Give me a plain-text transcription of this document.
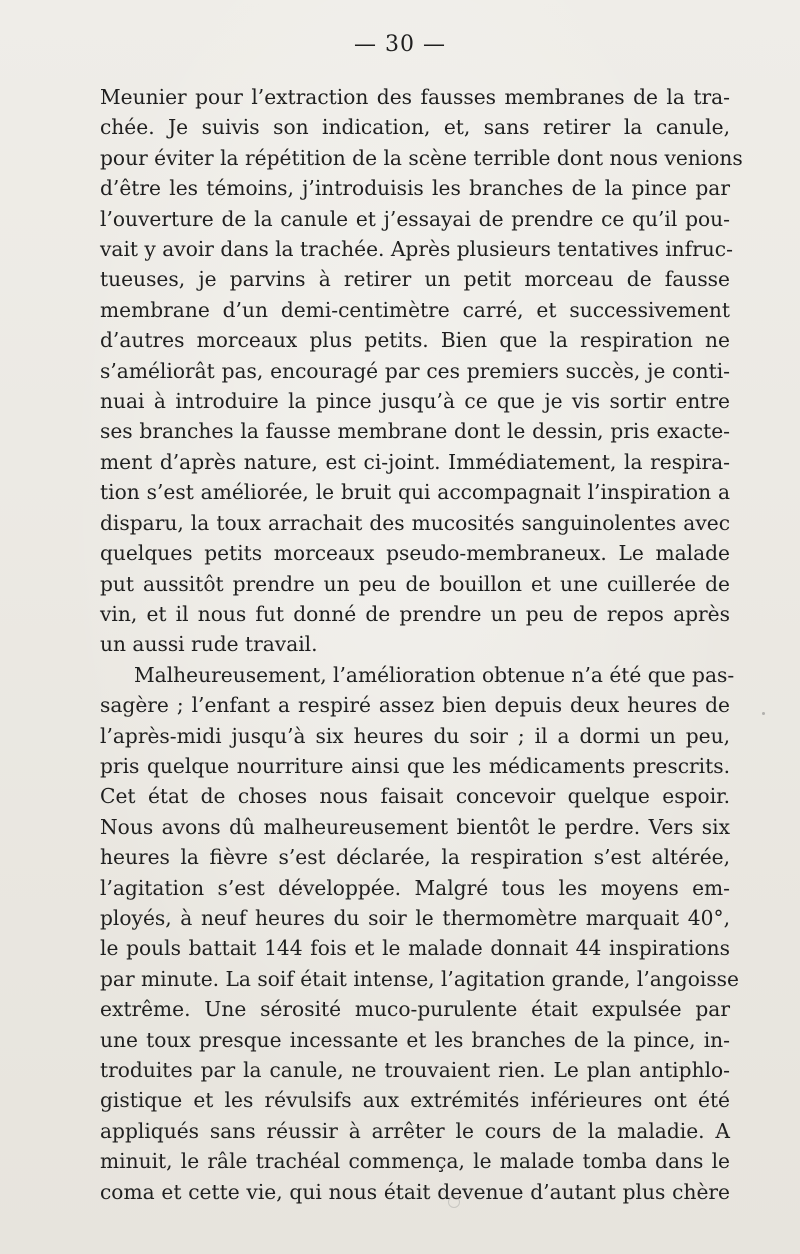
— 30 —
Meunier pour l’extraction des fausses membranes de la tra-
chée. Je suivis son indication, et, sans retirer la canule,
pour éviter la répétition de la scène terrible dont nous venions
d’être les témoins, j’introduisis les branches de la pince par
l’ouverture de la canule et j’essayai de prendre ce qu’il pou-
vait y avoir dans la trachée. Après plusieurs tentatives infruc-
tueuses, je parvins à retirer un petit morceau de fausse
membrane d’un demi-centimètre carré, et successivement
d’autres morceaux plus petits. Bien que la respiration ne
s’améliorât pas, encouragé par ces premiers succès, je conti-
nuai à introduire la pince jusqu’à ce que je vis sortir entre
ses branches la fausse membrane dont le dessin, pris exacte-
ment d’après nature, est ci-joint. Immédiatement, la respira-
tion s’est améliorée, le bruit qui accompagnait l’inspiration a
disparu, la toux arrachait des mucosités sanguinolentes avec
quelques petits morceaux pseudo-membraneux. Le malade
put aussitôt prendre un peu de bouillon et une cuillerée de
vin, et il nous fut donné de prendre un peu de repos après
un aussi rude travail.
Malheureusement, l’amélioration obtenue n’a été que pas-
sagère ; l’enfant a respiré assez bien depuis deux heures de
l’après-midi jusqu’à six heures du soir ; il a dormi un peu,
pris quelque nourriture ainsi que les médicaments prescrits.
Cet état de choses nous faisait concevoir quelque espoir.
Nous avons dû malheureusement bientôt le perdre. Vers six
heures la fièvre s’est déclarée, la respiration s’est altérée,
l’agitation s’est développée. Malgré tous les moyens em-
ployés, à neuf heures du soir le thermomètre marquait 40°,
le pouls battait 144 fois et le malade donnait 44 inspirations
par minute. La soif était intense, l’agitation grande, l’angoisse
extrême. Une sérosité muco-purulente était expulsée par
une toux presque incessante et les branches de la pince, in-
troduites par la canule, ne trouvaient rien. Le plan antiphlo-
gistique et les révulsifs aux extrémités inférieures ont été
appliqués sans réussir à arrêter le cours de la maladie. A
minuit, le râle trachéal commença, le malade tomba dans le
coma et cette vie, qui nous était devenue d’autant plus chère
